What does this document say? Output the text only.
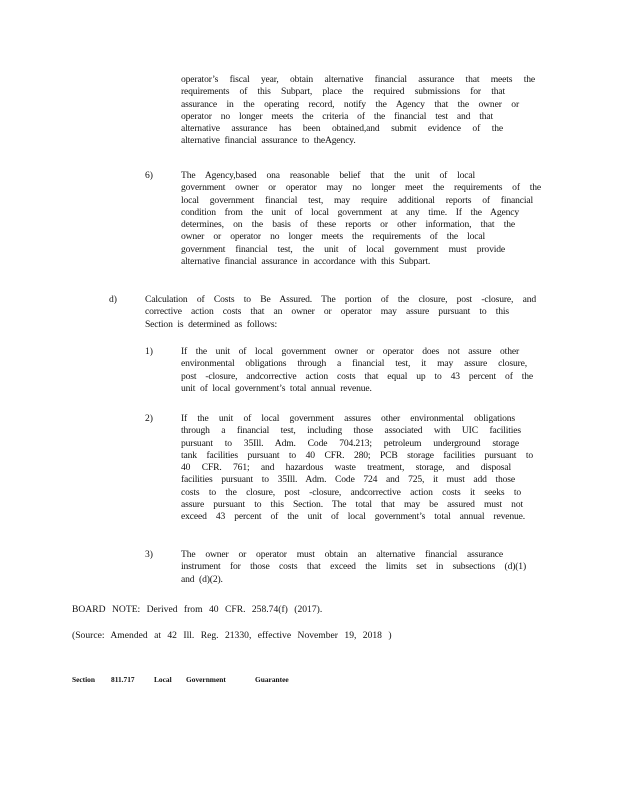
operator’s fiscal year, obtain alternative financial assurance that meets the
requirements of this Subpart, place the required submissions for that
assurance in the operating record, notify the Agency that the owner or
operator no longer meets the criteria of the financial test and that
alternative assurance has been obtained,and submit evidence of the
alternative financial assurance to theAgency.
6)	The Agency,based ona reasonable belief that the unit of local
government owner or operator may no longer meet the requirements of the
local government financial test, may require additional reports of financial
condition from the unit of local government at any time. If the Agency
determines, on the basis of these reports or other information, that the
owner or operator no longer meets the requirements of the local
government financial test, the unit of local government must provide
alternative financial assurance in accordance with this Subpart.
d)	Calculation of Costs to Be Assured. The portion of the closure, post -closure, and
corrective action costs that an owner or operator may assure pursuant to this
Section is determined as follows:
1)	If the unit of local government owner or operator does not assure other
environmental obligations through a financial test, it may assure closure,
post -closure, andcorrective action costs that equal up to 43 percent of the
unit of local government’s total annual revenue.
2)	If the unit of local government assures other environmental obligations
through a financial test, including those associated with UIC facilities
pursuant to 35Ill. Adm. Code 704.213; petroleum underground storage
tank facilities pursuant to 40 CFR. 280; PCB storage facilities pursuant to
40 CFR. 761; and hazardous waste treatment, storage, and disposal
facilities pursuant to 35Ill. Adm. Code 724 and 725, it must add those
costs to the closure, post -closure, andcorrective action costs it seeks to
assure pursuant to this Section. The total that may be assured must not
exceed 43 percent of the unit of local government’s total annual revenue.
3)	The owner or operator must obtain an alternative financial assurance
instrument for those costs that exceed the limits set in subsections (d)(1)
and (d)(2).
BOARD NOTE: Derived from 40 CFR. 258.74(f) (2017).
(Source: Amended at 42 Ill. Reg. 21330, effective November 19, 2018 )
Section 811.717	Local Government	Guarantee
